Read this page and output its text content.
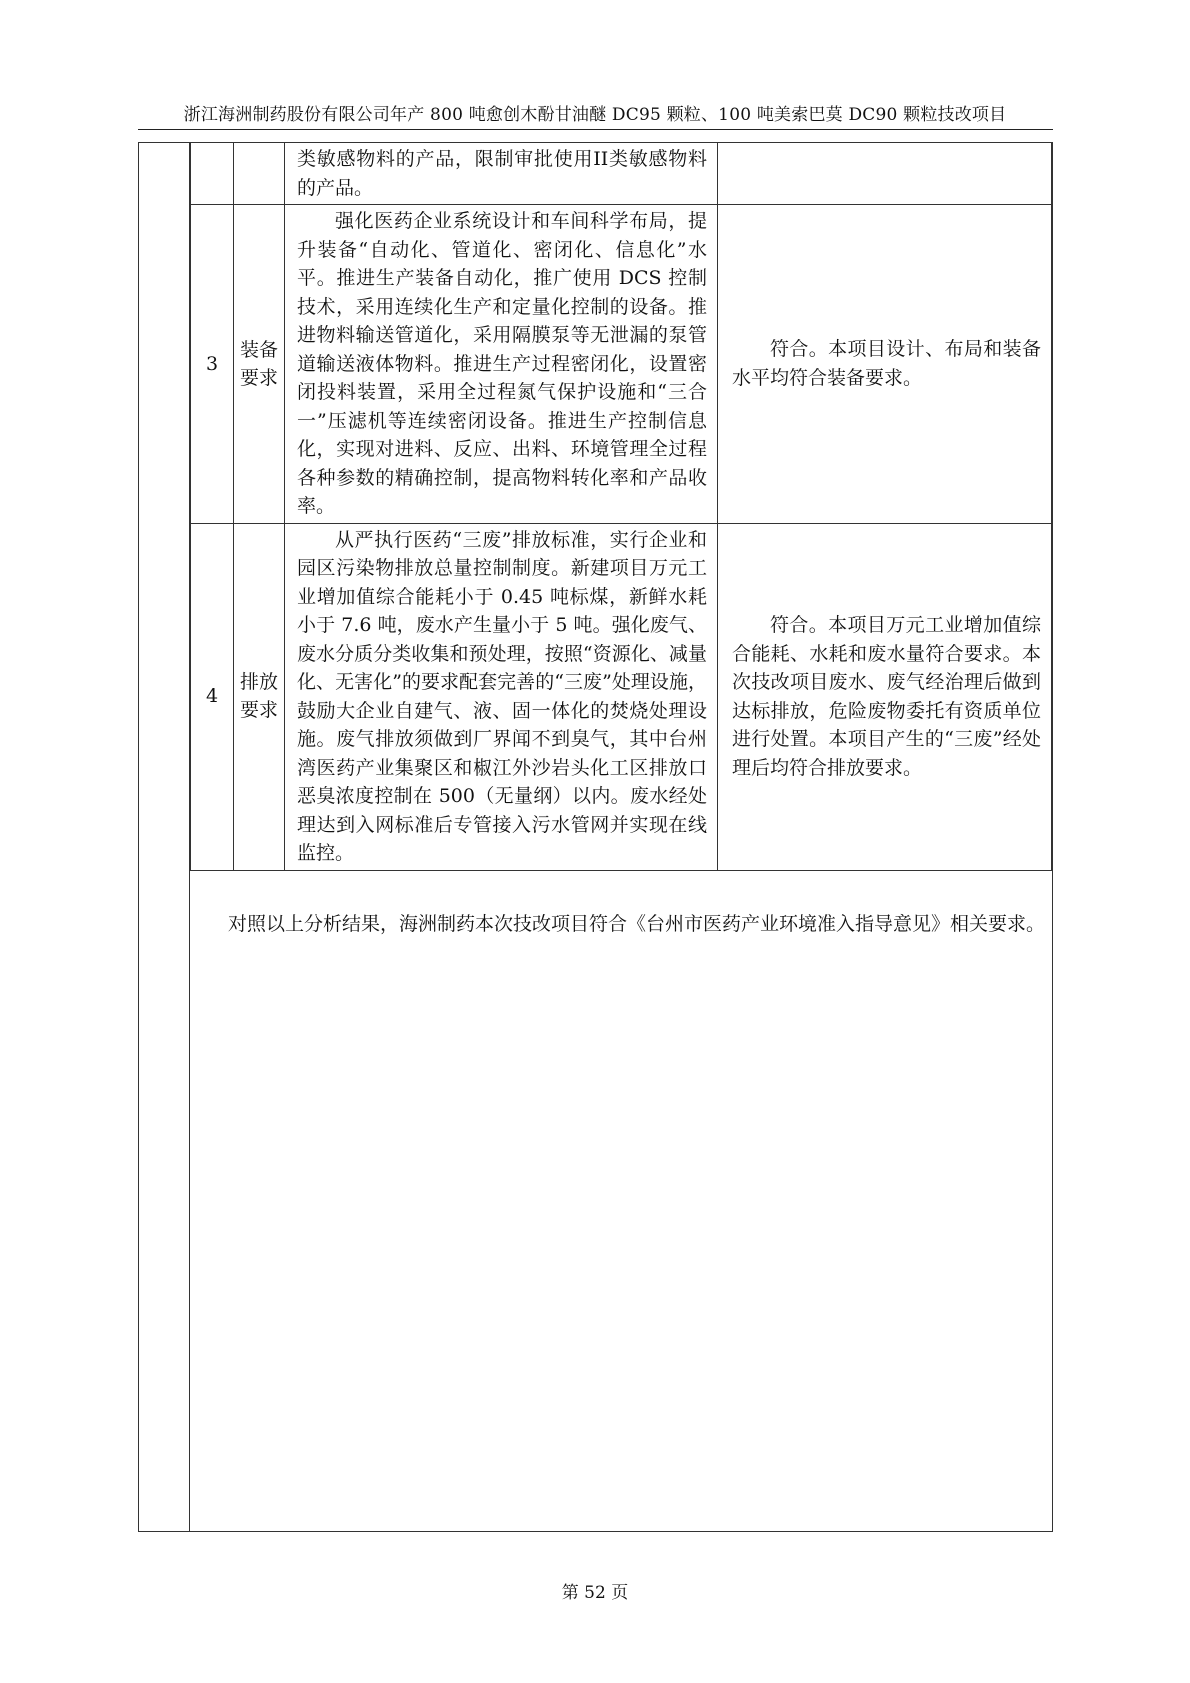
浙江海洲制药股份有限公司年产 800 吨愈创木酚甘油醚 DC95 颗粒、100 吨美索巴莫 DC90 颗粒技改项目
		类敏感物料的产品，限制审批使用II类敏感物料的产品。	
3	装备要求	强化医药企业系统设计和车间科学布局，提升装备“自动化、管道化、密闭化、信息化”水平。推进生产装备自动化，推广使用 DCS 控制技术，采用连续化生产和定量化控制的设备。推进物料输送管道化，采用隔膜泵等无泄漏的泵管道输送液体物料。推进生产过程密闭化，设置密闭投料装置，采用全过程氮气保护设施和“三合一”压滤机等连续密闭设备。推进生产控制信息化，实现对进料、反应、出料、环境管理全过程各种参数的精确控制，提高物料转化率和产品收率。	符合。本项目设计、布局和装备水平均符合装备要求。
4	排放要求	从严执行医药“三废”排放标准，实行企业和园区污染物排放总量控制制度。新建项目万元工业增加值综合能耗小于 0.45 吨标煤，新鲜水耗小于 7.6 吨，废水产生量小于 5 吨。强化废气、废水分质分类收集和预处理，按照“资源化、减量化、无害化”的要求配套完善的“三废”处理设施，鼓励大企业自建气、液、固一体化的焚烧处理设施。废气排放须做到厂界闻不到臭气，其中台州湾医药产业集聚区和椒江外沙岩头化工区排放口恶臭浓度控制在 500（无量纲）以内。废水经处理达到入网标准后专管接入污水管网并实现在线监控。	符合。本项目万元工业增加值综合能耗、水耗和废水量符合要求。本次技改项目废水、废气经治理后做到达标排放，危险废物委托有资质单位进行处置。本项目产生的“三废”经处理后均符合排放要求。
对照以上分析结果，海洲制药本次技改项目符合《台州市医药产业环境准入指导意见》相关要求。
第 52 页
